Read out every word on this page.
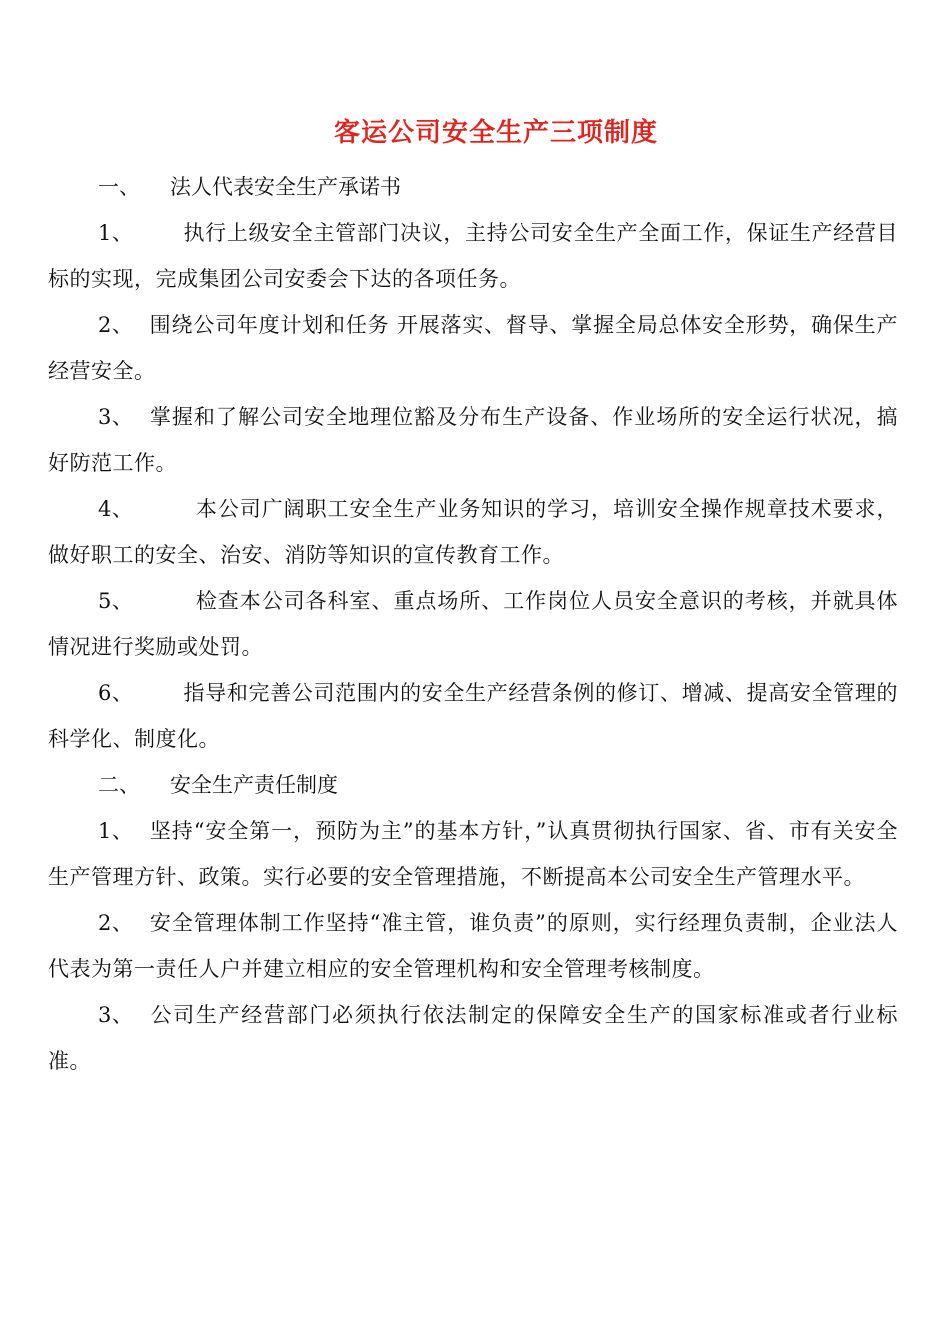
客运公司安全生产三项制度

一、 法人代表安全生产承诺书

1、 执行上级安全主管部门决议，主持公司安全生产全面工作，保证生产经营目标的实现，完成集团公司安委会下达的各项任务。

2、 围绕公司年度计划和任务 开展落实、督导、掌握全局总体安全形势，确保生产经营安全。

3、 掌握和了解公司安全地理位豁及分布生产设备、作业场所的安全运行状况，搞好防范工作。

4、	本公司广阔职工安全生产业务知识的学习，培训安全操作规章技术要求，做好职工的安全、治安、消防等知识的宣传教育工作。

5、	检查本公司各科室、重点场所、工作岗位人员安全意识的考核，并就具体情况进行奖励或处罚。

6、 指导和完善公司范围内的安全生产经营条例的修订、增减、提高安全管理的科学化、制度化。

二、 安全生产责任制度

1、 坚持“安全第一，预防为主”的基本方针，”认真贯彻执行国家、省、市有关安全生产管理方针、政策。实行必要的安全管理措施，不断提高本公司安全生产管理水平。

2、 安全管理体制工作坚持“准主管，谁负责”的原则，实行经理负责制，企业法人代表为第一责任人户并建立相应的安全管理机构和安全管理考核制度。

3、 公司生产经营部门必须执行依法制定的保障安全生产的国家标准或者行业标准。
